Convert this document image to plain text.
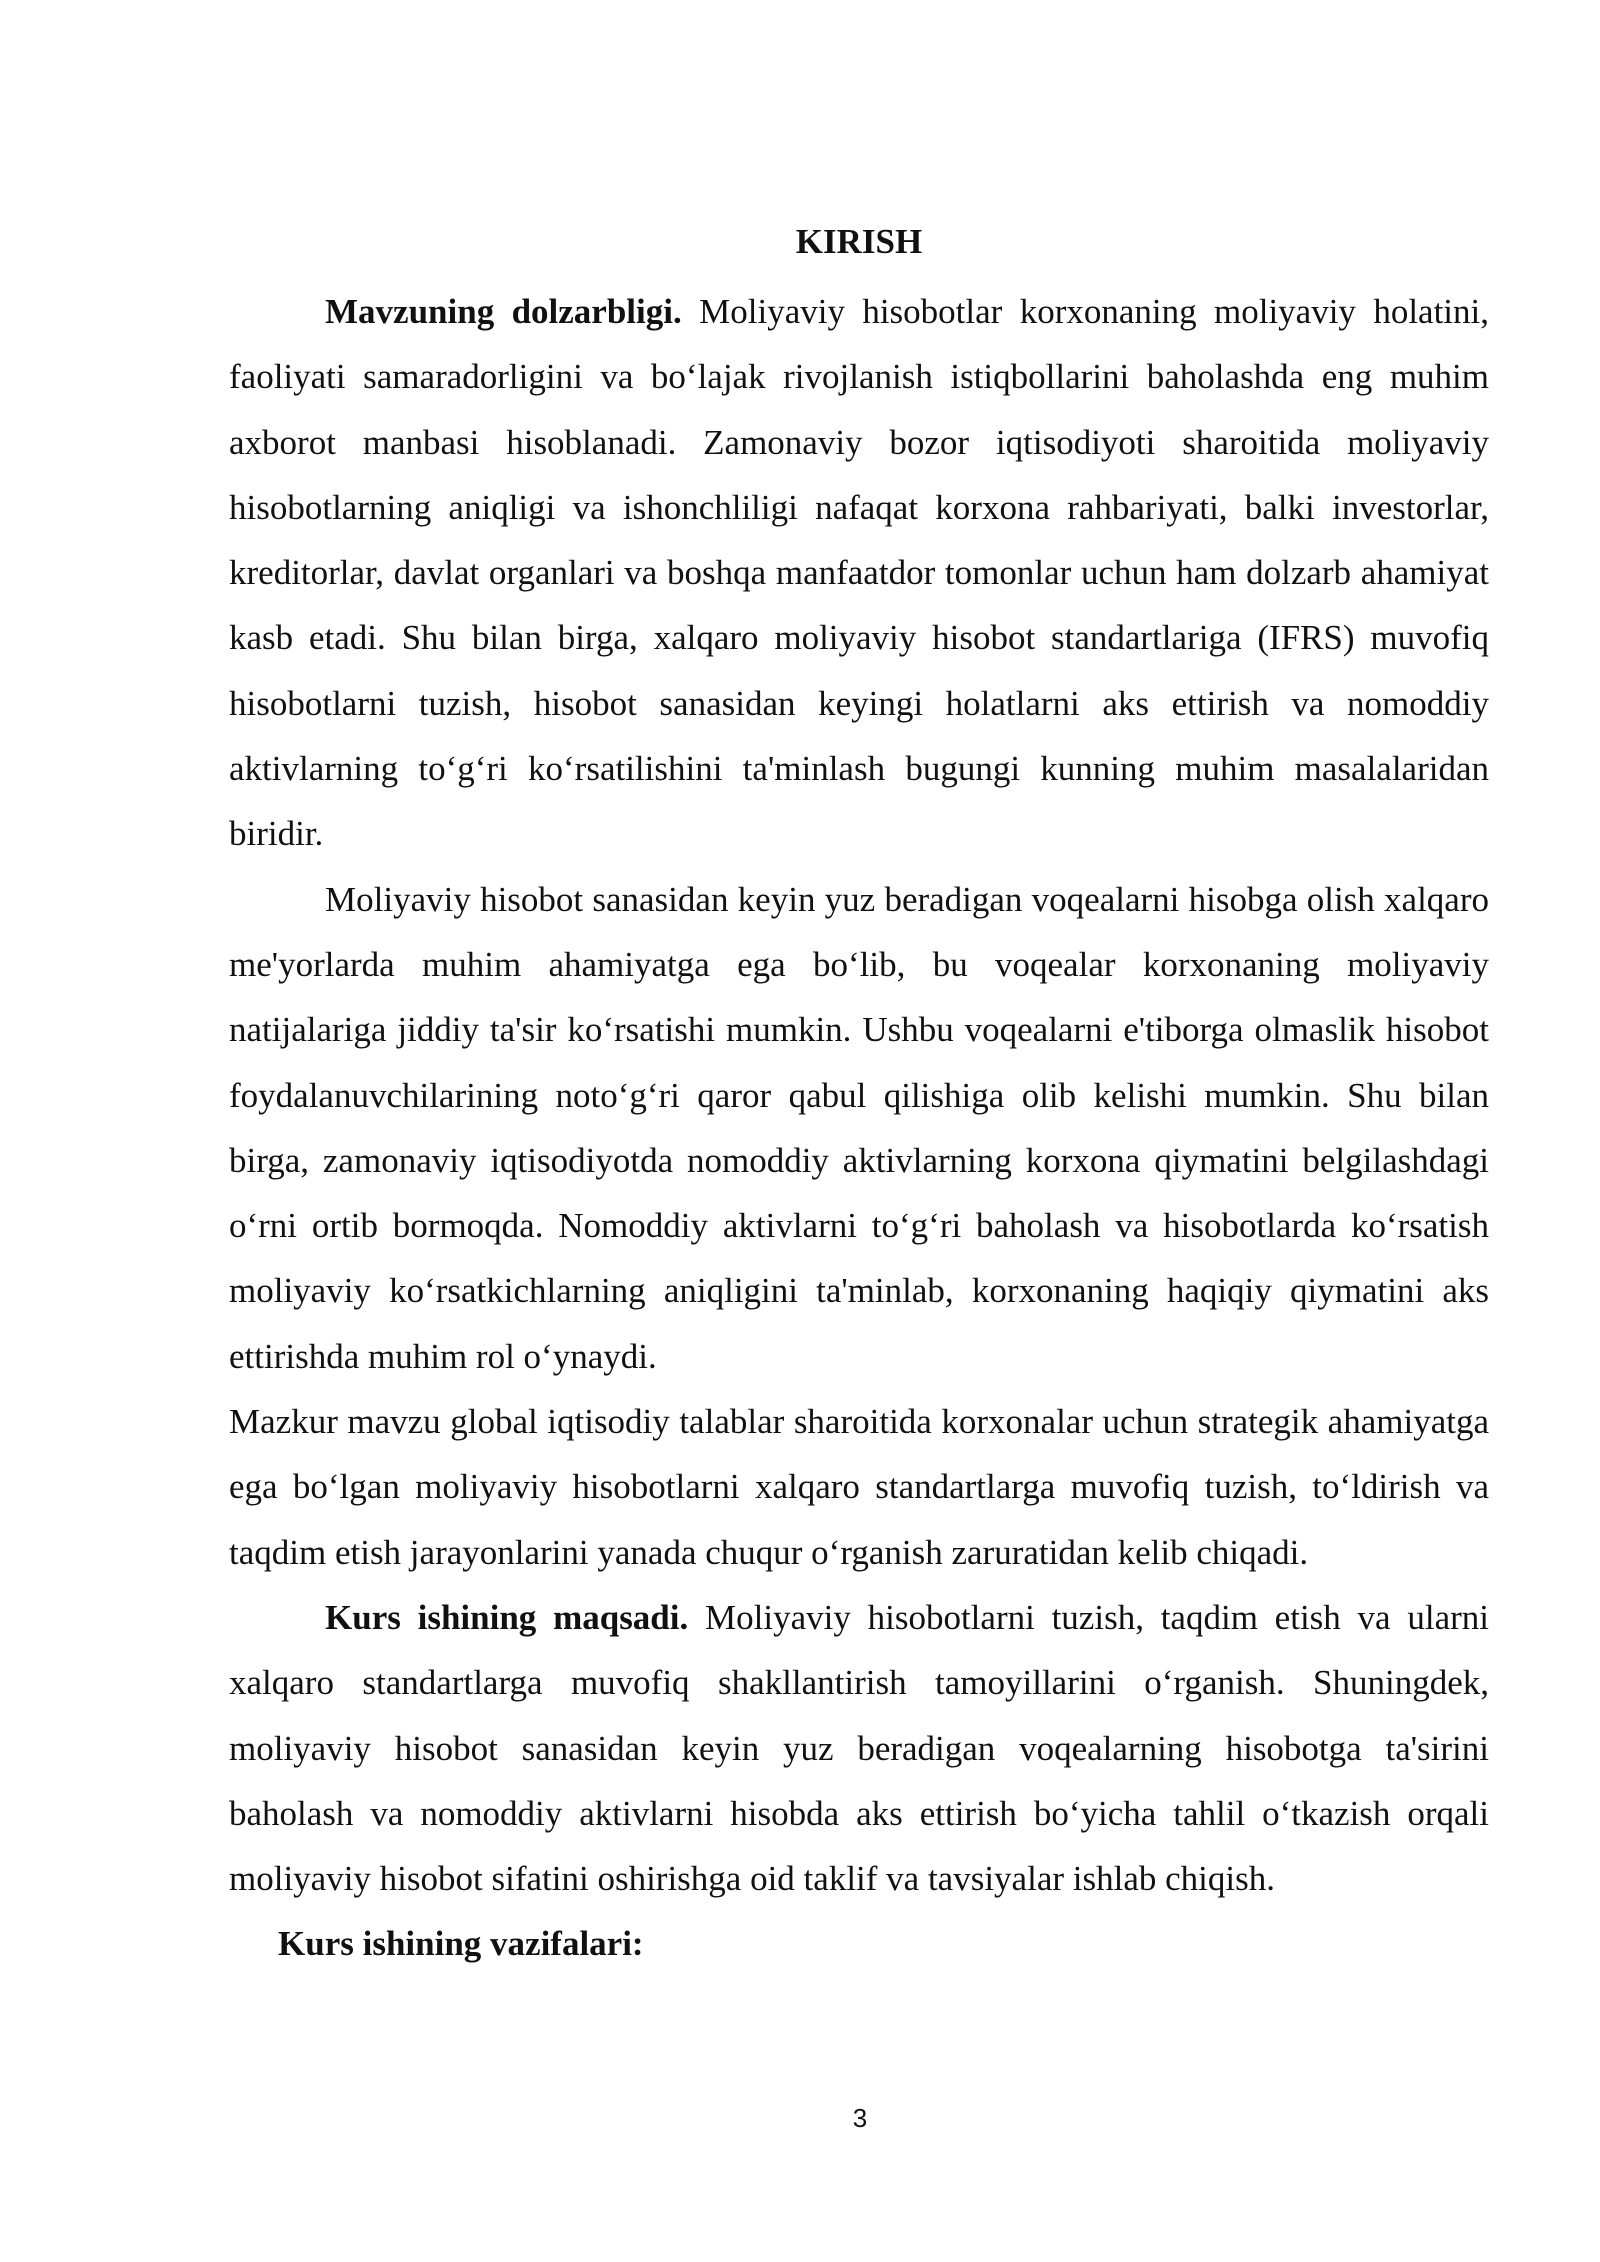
KIRISH

Mavzuning dolzarbligi. Moliyaviy hisobotlar korxonaning moliyaviy holatini, faoliyati samaradorligini va bo‘lajak rivojlanish istiqbollarini baholashda eng muhim axborot manbasi hisoblanadi. Zamonaviy bozor iqtisodiyoti sharoitida moliyaviy hisobotlarning aniqligi va ishonchliligi nafaqat korxona rahbariyati, balki investorlar, kreditorlar, davlat organlari va boshqa manfaatdor tomonlar uchun ham dolzarb ahamiyat kasb etadi. Shu bilan birga, xalqaro moliyaviy hisobot standartlariga (IFRS) muvofiq hisobotlarni tuzish, hisobot sanasidan keyingi holatlarni aks ettirish va nomoddiy aktivlarning to‘g‘ri ko‘rsatilishini ta'minlash bugungi kunning muhim masalalaridan biridir.

Moliyaviy hisobot sanasidan keyin yuz beradigan voqealarni hisobga olish xalqaro me'yorlarda muhim ahamiyatga ega bo‘lib, bu voqealar korxonaning moliyaviy natijalariga jiddiy ta'sir ko‘rsatishi mumkin. Ushbu voqealarni e'tiborga olmaslik hisobot foydalanuvchilarining noto‘g‘ri qaror qabul qilishiga olib kelishi mumkin. Shu bilan birga, zamonaviy iqtisodiyotda nomoddiy aktivlarning korxona qiymatini belgilashdagi o‘rni ortib bormoqda. Nomoddiy aktivlarni to‘g‘ri baholash va hisobotlarda ko‘rsatish moliyaviy ko‘rsatkichlarning aniqligini ta'minlab, korxonaning haqiqiy qiymatini aks ettirishda muhim rol o‘ynaydi.

Mazkur mavzu global iqtisodiy talablar sharoitida korxonalar uchun strategik ahamiyatga ega bo‘lgan moliyaviy hisobotlarni xalqaro standartlarga muvofiq tuzish, to‘ldirish va taqdim etish jarayonlarini yanada chuqur o‘rganish zaruratidan kelib chiqadi.

Kurs ishining maqsadi. Moliyaviy hisobotlarni tuzish, taqdim etish va ularni xalqaro standartlarga muvofiq shakllantirish tamoyillarini o‘rganish. Shuningdek, moliyaviy hisobot sanasidan keyin yuz beradigan voqealarning hisobotga ta'sirini baholash va nomoddiy aktivlarni hisobda aks ettirish bo‘yicha tahlil o‘tkazish orqali moliyaviy hisobot sifatini oshirishga oid taklif va tavsiyalar ishlab chiqish.

Kurs ishining vazifalari:

3
